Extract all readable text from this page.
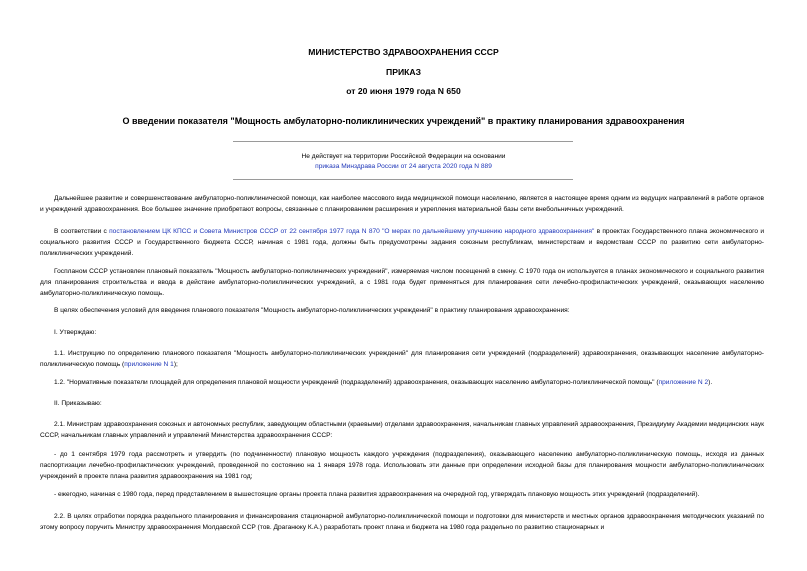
МИНИСТЕРСТВО ЗДРАВООХРАНЕНИЯ СССР
ПРИКАЗ
от 20 июня 1979 года N 650
О введении показателя "Мощность амбулаторно-поликлинических учреждений" в практику планирования здравоохранения
Не действует на территории Российской Федерации на основании
приказа Минздрава России от 24 августа 2020 года N 889
Дальнейшее развитие и совершенствование амбулаторно-поликлинической помощи, как наиболее массового вида медицинской помощи населению, является в настоящее время одним из ведущих направлений в работе органов и учреждений здравоохранения. Все большее значение приобретают вопросы, связанные с планированием расширения и укрепления материальной базы сети внебольничных учреждений.
В соответствии с постановлением ЦК КПСС и Совета Министров СССР от 22 сентября 1977 года N 870 "О мерах по дальнейшему улучшению народного здравоохранения" в проектах Государственного плана экономического и социального развития СССР и Государственного бюджета СССР, начиная с 1981 года, должны быть предусмотрены задания союзным республикам, министерствам и ведомствам СССР по развитию сети амбулаторно-поликлинических учреждений.
Госпланом СССР установлен плановый показатель "Мощность амбулаторно-поликлинических учреждений", измеряемая числом посещений в смену. С 1970 года он используется в планах экономического и социального развития для планирования строительства и ввода в действие амбулаторно-поликлинических учреждений, а с 1981 года будет применяться для планирования сети лечебно-профилактических учреждений, оказывающих населению амбулаторно-поликлиническую помощь.
В целях обеспечения условий для введения планового показателя "Мощность амбулаторно-поликлинических учреждений" в практику планирования здравоохранения:
I. Утверждаю:
1.1. Инструкцию по определению планового показателя "Мощность амбулаторно-поликлинических учреждений" для планирования сети учреждений (подразделений) здравоохранения, оказывающих население амбулаторно-поликлиническую помощь (приложение N 1);
1.2. "Нормативные показатели площадей для определения плановой мощности учреждений (подразделений) здравоохранения, оказывающих населению амбулаторно-поликлинической помощь" (приложение N 2).
II. Приказываю:
2.1. Министрам здравоохранения союзных и автономных республик, заведующим областными (краевыми) отделами здравоохранения, начальникам главных управлений здравоохранения, Президиуму Академии медицинских наук СССР, начальникам главных управлений и управлений Министерства здравоохранения СССР:
- до 1 сентября 1979 года рассмотреть и утвердить (по подчиненности) плановую мощность каждого учреждения (подразделения), оказывающего населению амбулаторно-поликлиническую помощь, исходя из данных паспортизации лечебно-профилактических учреждений, проведенной по состоянию на 1 января 1978 года. Использовать эти данные при определении исходной базы для планирования мощности амбулаторно-поликлинических учреждений в проекте плана развития здравоохранения на 1981 год;
- ежегодно, начиная с 1980 года, перед представлением в вышестоящие органы проекта плана развития здравоохранения на очередной год, утверждать плановую мощность этих учреждений (подразделений).
2.2. В целях отработки порядка раздельного планирования и финансирования стационарной амбулаторно-поликлинической помощи и подготовки для министерств и местных органов здравоохранения методических указаний по этому вопросу поручить Министру здравоохранения Молдавской ССР (тов. Драганюку К.А.) разработать проект плана и бюджета на 1980 года раздельно по развитию стационарных и
